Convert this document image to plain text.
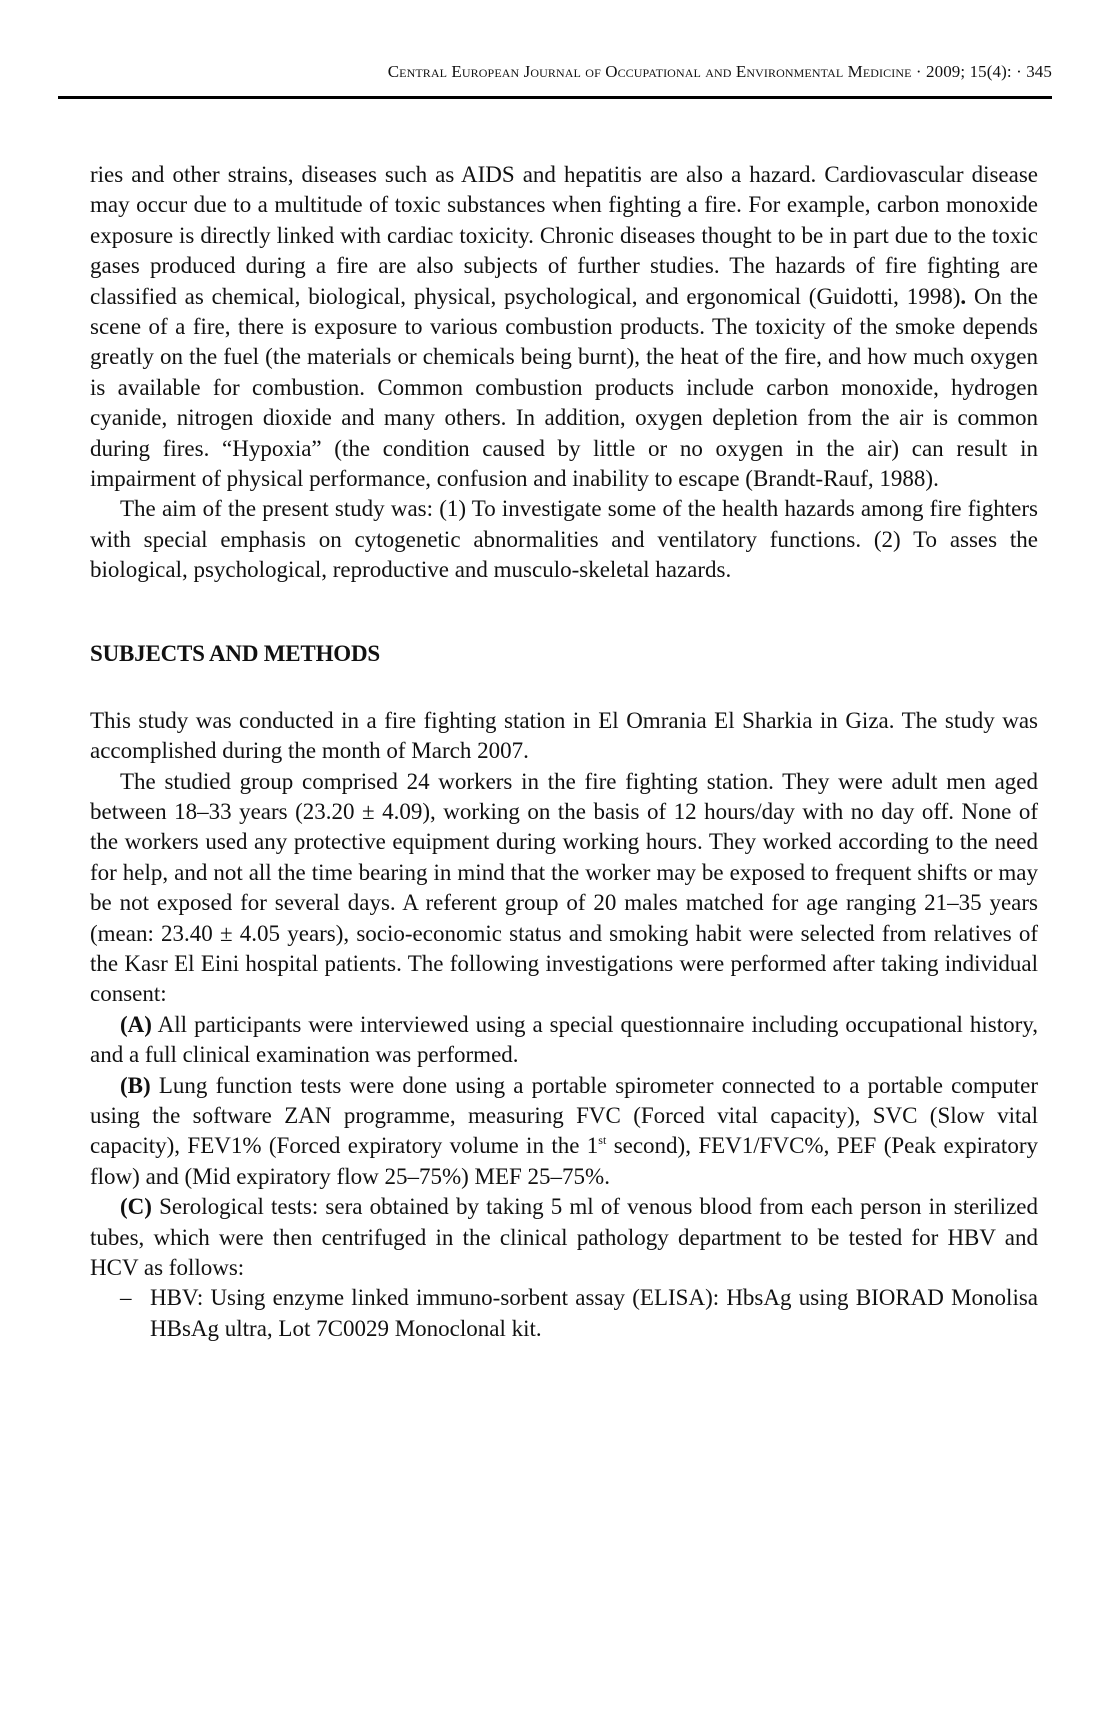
Central European Journal of Occupational and Environmental Medicine · 2009; 15(4): · 345

ries and other strains, diseases such as AIDS and hepatitis are also a hazard. Cardiovascular disease may occur due to a multitude of toxic substances when fighting a fire. For example, carbon monoxide exposure is directly linked with cardiac toxicity. Chronic diseases thought to be in part due to the toxic gases produced during a fire are also subjects of further studies. The hazards of fire fighting are classified as chemical, biological, physical, psychological, and ergonomical (Guidotti, 1998). On the scene of a fire, there is exposure to various combustion products. The toxicity of the smoke depends greatly on the fuel (the materials or chemicals being burnt), the heat of the fire, and how much oxygen is available for combustion. Common combustion products include carbon monoxide, hydrogen cyanide, nitrogen dioxide and many others. In addition, oxygen depletion from the air is common during fires. “Hypoxia” (the condition caused by little or no oxygen in the air) can result in impairment of physical performance, confusion and inability to escape (Brandt-Rauf, 1988).

The aim of the present study was: (1) To investigate some of the health hazards among fire fighters with special emphasis on cytogenetic abnormalities and ventilatory functions. (2) To asses the biological, psychological, reproductive and musculo-skeletal hazards.

SUBJECTS AND METHODS

This study was conducted in a fire fighting station in El Omrania El Sharkia in Giza. The study was accomplished during the month of March 2007.

The studied group comprised 24 workers in the fire fighting station. They were adult men aged between 18–33 years (23.20 ± 4.09), working on the basis of 12 hours/day with no day off. None of the workers used any protective equipment during working hours. They worked according to the need for help, and not all the time bearing in mind that the worker may be exposed to frequent shifts or may be not exposed for several days. A referent group of 20 males matched for age ranging 21–35 years (mean: 23.40 ± 4.05 years), socio-economic status and smoking habit were selected from relatives of the Kasr El Eini hospital patients. The following investigations were performed after taking individual consent:

(A) All participants were interviewed using a special questionnaire including occupational history, and a full clinical examination was performed.

(B) Lung function tests were done using a portable spirometer connected to a portable computer using the software ZAN programme, measuring FVC (Forced vital capacity), SVC (Slow vital capacity), FEV1% (Forced expiratory volume in the 1st second), FEV1/FVC%, PEF (Peak expiratory flow) and (Mid expiratory flow 25–75%) MEF 25–75%.

(C) Serological tests: sera obtained by taking 5 ml of venous blood from each person in sterilized tubes, which were then centrifuged in the clinical pathology department to be tested for HBV and HCV as follows:

– HBV: Using enzyme linked immuno-sorbent assay (ELISA): HbsAg using BIORAD Monolisa HBsAg ultra, Lot 7C0029 Monoclonal kit.
